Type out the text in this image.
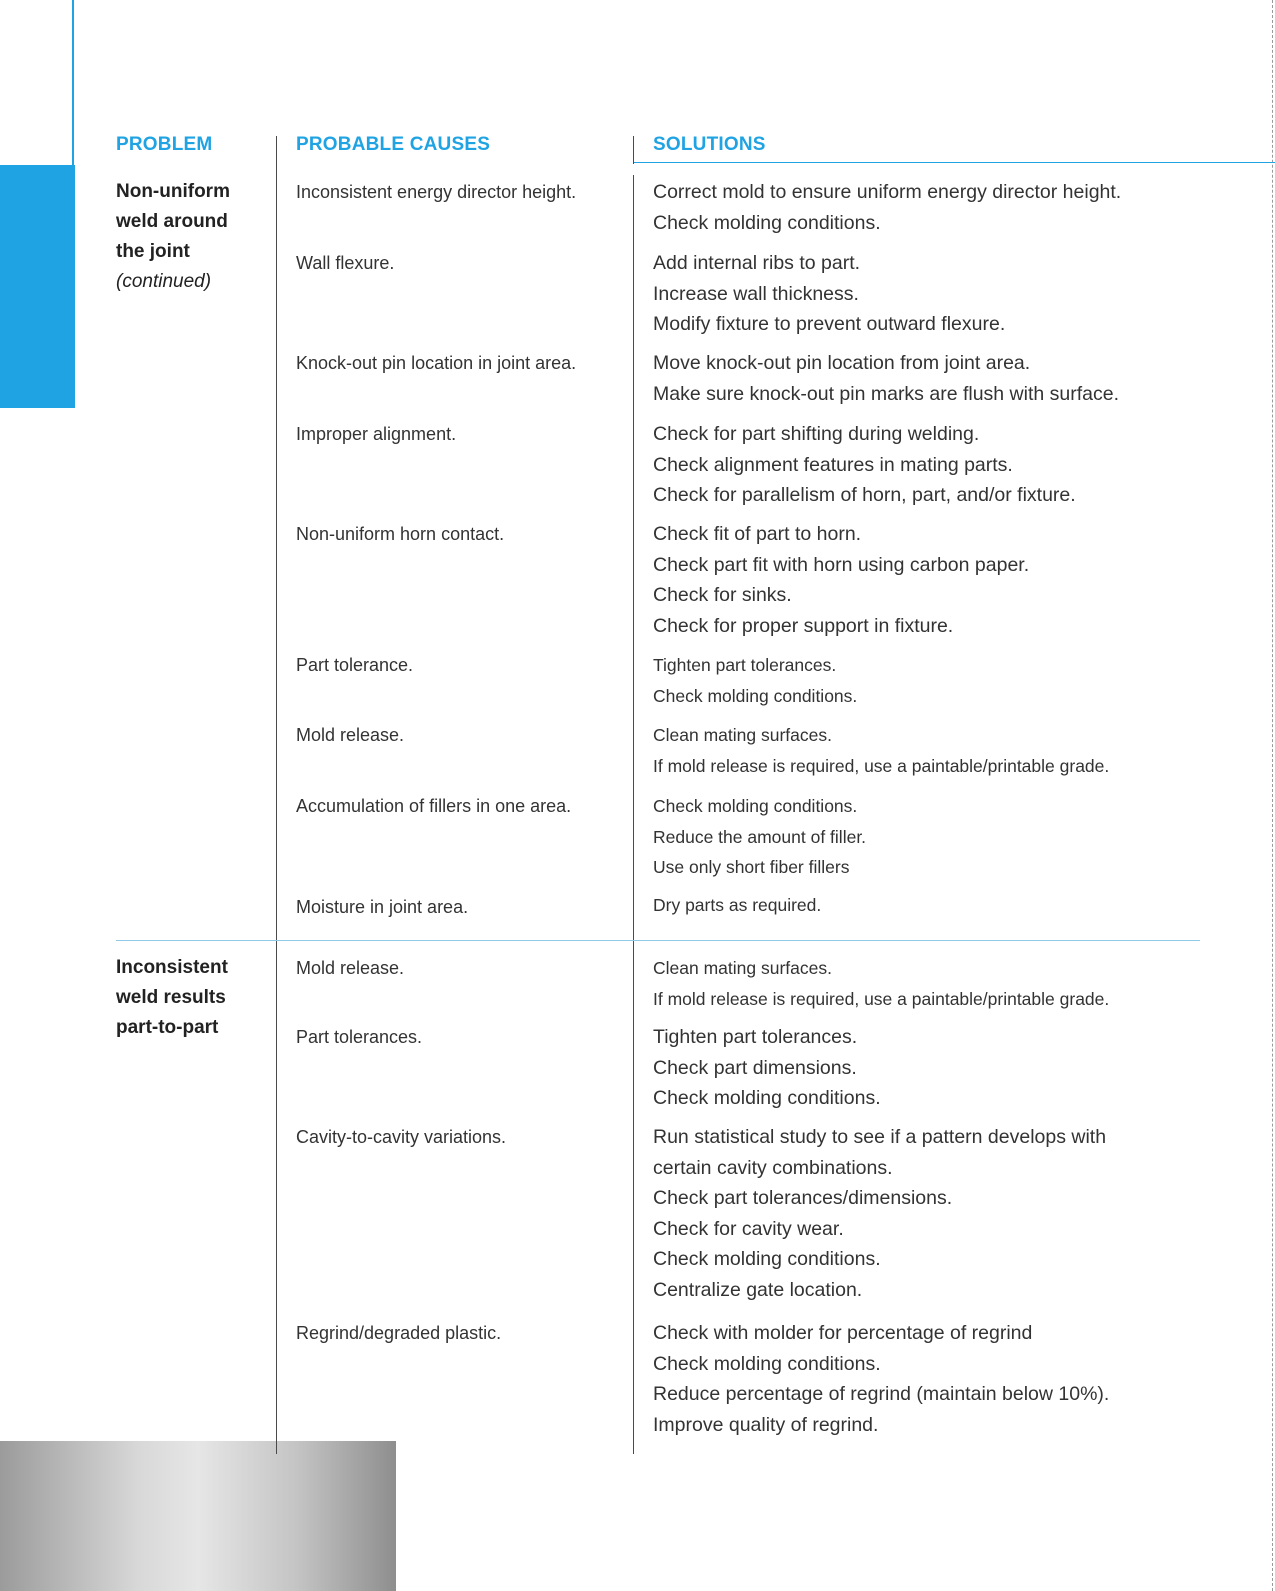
PROBLEM	PROBABLE CAUSES	SOLUTIONS
Non-uniform weld around the joint
(continued)
Inconsistent energy director height.	Correct mold to ensure uniform energy director height.
Check molding conditions.
Wall flexure.	Add internal ribs to part.
Increase wall thickness.
Modify fixture to prevent outward flexure.
Knock-out pin location in joint area.	Move knock-out pin location from joint area.
Make sure knock-out pin marks are flush with surface.
Improper alignment.	Check for part shifting during welding.
Check alignment features in mating parts.
Check for parallelism of horn, part, and/or fixture.
Non-uniform horn contact.	Check fit of part to horn.
Check part fit with horn using carbon paper.
Check for sinks.
Check for proper support in fixture.
Part tolerance.	Tighten part tolerances.
Check molding conditions.
Mold release.	Clean mating surfaces.
If mold release is required, use a paintable/printable grade.
Accumulation of fillers in one area.	Check molding conditions.
Reduce the amount of filler.
Use only short fiber fillers
Moisture in joint area.	Dry parts as required.
Inconsistent weld results part-to-part
Mold release.	Clean mating surfaces.
If mold release is required, use a paintable/printable grade.
Part tolerances.	Tighten part tolerances.
Check part dimensions.
Check molding conditions.
Cavity-to-cavity variations.	Run statistical study to see if a pattern develops with
certain cavity combinations.
Check part tolerances/dimensions.
Check for cavity wear.
Check molding conditions.
Centralize gate location.
Regrind/degraded plastic.	Check with molder for percentage of regrind
Check molding conditions.
Reduce percentage of regrind (maintain below 10%).
Improve quality of regrind.
